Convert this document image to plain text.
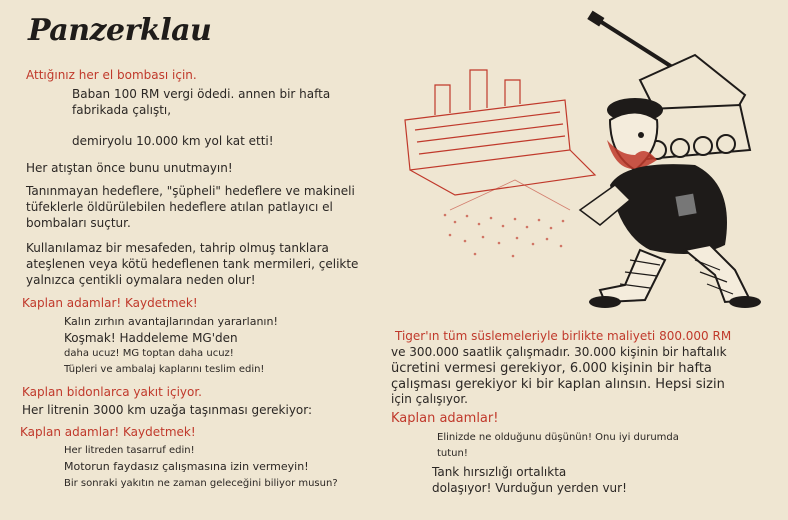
Panzerklau
Attığınız her el bombası için.
Baban 100 RM vergi ödedi. annen bir hafta
fabrikada çalıştı,
demiryolu 10.000 km yol kat etti!
Her atıştan önce bunu unutmayın!
Tanınmayan hedeflere, "şüpheli" hedeflere ve makineli
tüfeklerle öldürülebilen hedeflere atılan patlayıcı el
bombaları suçtur.
Kullanılamaz bir mesafeden, tahrip olmuş tanklara
ateşlenen veya kötü hedeflenen tank mermileri, çelikte
yalnızca çentikli oymalara neden olur!
Kaplan adamlar! Kaydetmek!
Kalın zırhın avantajlarından yararlanın!
Koşmak! Haddeleme MG'den
daha ucuz! MG toptan daha ucuz!
Tüpleri ve ambalaj kaplarını teslim edin!
Kaplan bidonlarca yakıt içiyor.
Her litrenin 3000 km uzağa taşınması gerekiyor:
Kaplan adamlar! Kaydetmek!
Her litreden tasarruf edin!
Motorun faydasız çalışmasına izin vermeyin!
Bir sonraki yakıtın ne zaman geleceğini biliyor musun?
Tiger'ın tüm süslemeleriyle birlikte maliyeti 800.000 RM
ve 300.000 saatlik çalışmadır. 30.000 kişinin bir haftalık
ücretini vermesi gerekiyor, 6.000 kişinin bir hafta
çalışması gerekiyor ki bir kaplan alınsın. Hepsi sizin
için çalışıyor.
Kaplan adamlar!
Elinizde ne olduğunu düşünün! Onu iyi durumda
tutun!
Tank hırsızlığı ortalıkta
dolaşıyor! Vurduğun yerden vur!
